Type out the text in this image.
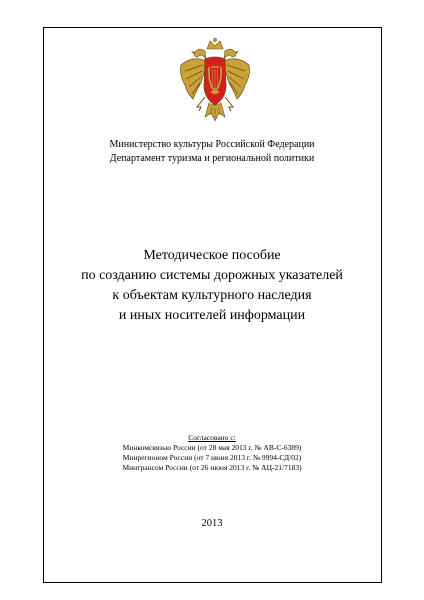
Министерство культуры Российской Федерации
Департамент туризма и региональной политики
Методическое пособие
по созданию системы дорожных указателей
к объектам культурного наследия
и иных носителей информации
Согласовано с:
Минкомсвязью России (от 28 мая 2013 г. № АВ-С-6389)
Минрегионом России (от 7 июня 2013 г. № 9994-СД/02)
Минтрансом России (от 26 июня 2013 г. № АЦ-21/7183)
2013
